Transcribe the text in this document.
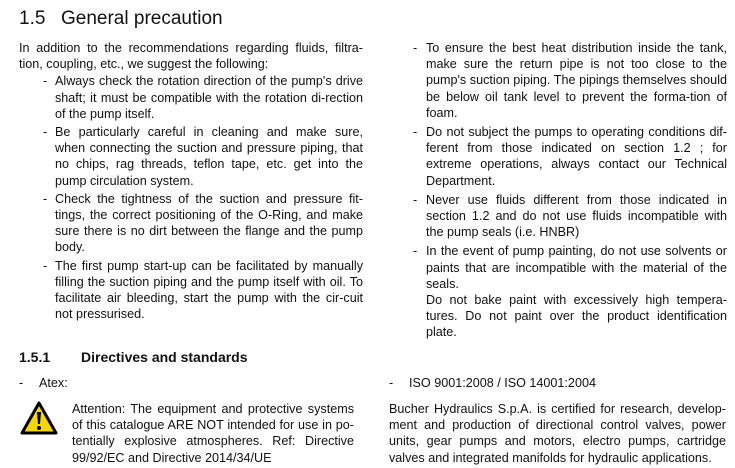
1.5 General precaution

In addition to the recommendations regarding fluids, filtra-tion, coupling, etc., we suggest the following:

- Always check the rotation direction of the pump's drive shaft; it must be compatible with the rotation di-rection of the pump itself.
- Be particularly careful in cleaning and make sure, when connecting the suction and pressure piping, that no chips, rag threads, teflon tape, etc. get into the pump circulation system.
- Check the tightness of the suction and pressure fit-tings, the correct positioning of the O-Ring, and make sure there is no dirt between the flange and the pump body.
- The first pump start-up can be facilitated by manually filling the suction piping and the pump itself with oil. To facilitate air bleeding, start the pump with the cir-cuit not pressurised.
- To ensure the best heat distribution inside the tank, make sure the return pipe is not too close to the pump's suction piping. The pipings themselves should be below oil tank level to prevent the forma-tion of foam.
- Do not subject the pumps to operating conditions dif-ferent from those indicated on section 1.2 ; for extreme operations, always contact our Technical Department.
- Never use fluids different from those indicated in section 1.2 and do not use fluids incompatible with the pump seals (i.e. HNBR)
- In the event of pump painting, do not use solvents or paints that are incompatible with the material of the seals.
Do not bake paint with excessively high tempera-tures. Do not paint over the product identification plate.
1.5.1 Directives and standards
- Atex:	- ISO 9001:2008 / ISO 14001:2004
Attention: The equipment and protective systems of this catalogue ARE NOT intended for use in po-tentially explosive atmospheres. Ref: Directive 99/92/EC and Directive 2014/34/UE
Bucher Hydraulics S.p.A. is certified for research, develop-ment and production of directional control valves, power units, gear pumps and motors, electro pumps, cartridge valves and integrated manifolds for hydraulic applications.
